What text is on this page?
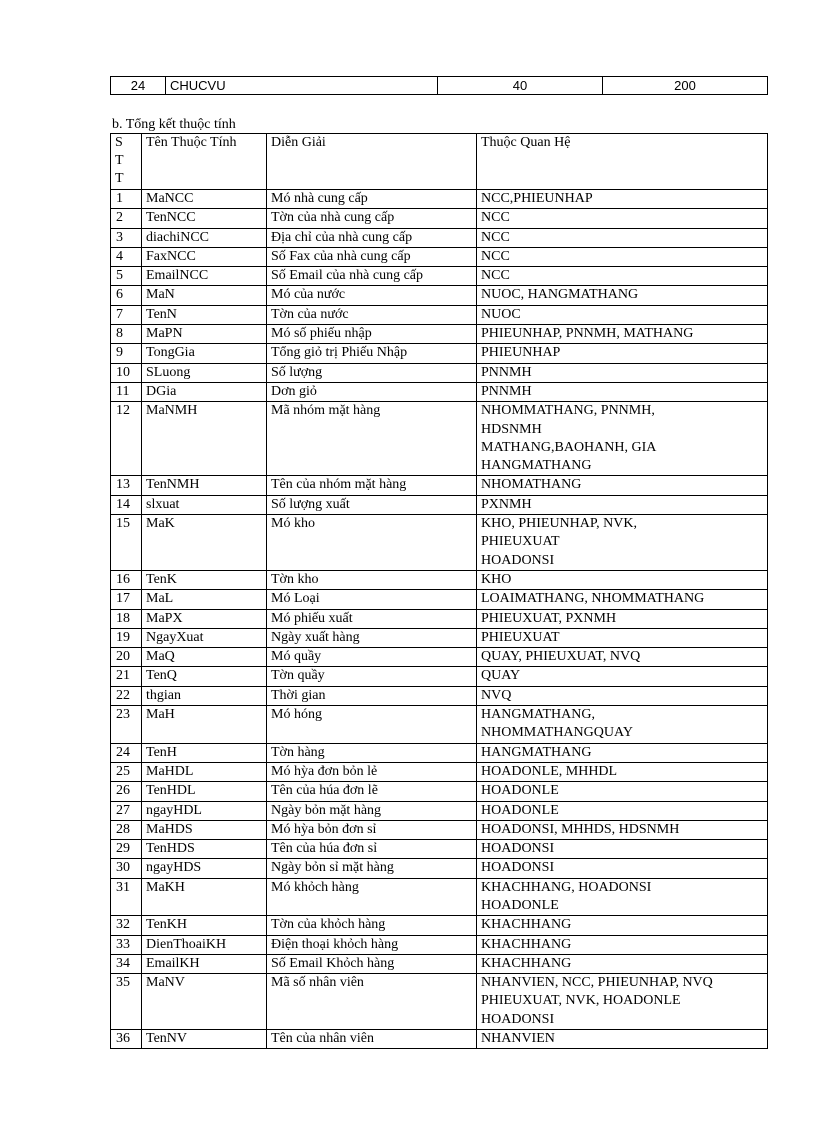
24	CHUCVU	40	200
b. Tổng kết thuộc tính
S
T
T	Tên Thuộc Tính	Diễn Giải	Thuộc Quan Hệ
1	MaNCC	Mó nhà cung cấp	NCC,PHIEUNHAP

2	TenNCC	Tờn của nhà cung cấp	NCC

3	diachiNCC	Địa chỉ của nhà cung cấp	NCC

4	FaxNCC	Số Fax của nhà cung cấp	NCC

5	EmailNCC	Số Email của nhà cung cấp	NCC

6	MaN	Mó của nước	NUOC, HANGMATHANG

7	TenN	Tờn của nước	NUOC

8	MaPN	Mó số phiếu nhập	PHIEUNHAP, PNNMH, MATHANG

9	TongGia	Tổng giỏ trị Phiếu Nhập	PHIEUNHAP

10	SLuong	Số lượng	PNNMH

11	DGia	Dơn giỏ	PNNMH

12	MaNMH	Mã nhóm mặt hàng	NHOMMATHANG, PNNMH,
HDSNMH
MATHANG,BAOHANH, GIA
HANGMATHANG

13	TenNMH	Tên của nhóm mặt hàng	NHOMATHANG

14	slxuat	Số lượng xuất	PXNMH

15	MaK	Mó kho	KHO, PHIEUNHAP, NVK,
PHIEUXUAT
HOADONSI

16	TenK	Tờn kho	KHO

17	MaL	Mó Loại	LOAIMATHANG, NHOMMATHANG

18	MaPX	Mó phiếu xuất	PHIEUXUAT, PXNMH

19	NgayXuat	Ngày xuất hàng	PHIEUXUAT

20	MaQ	Mó quầy	QUAY, PHIEUXUAT, NVQ

21	TenQ	Tờn quầy	QUAY

22	thgian	Thời gian	NVQ

23	MaH	Mó hóng	HANGMATHANG,
NHOMMATHANGQUAY

24	TenH	Tờn hàng	HANGMATHANG

25	MaHDL	Mó hỳa đơn bỏn lẻ	HOADONLE, MHHDL

26	TenHDL	Tên của húa đơn lẽ	HOADONLE

27	ngayHDL	Ngày bỏn mặt hàng	HOADONLE

28	MaHDS	Mó hỳa bỏn đơn sỉ	HOADONSI, MHHDS, HDSNMH

29	TenHDS	Tên của húa đơn sỉ	HOADONSI

30	ngayHDS	Ngày bỏn sỉ mặt hàng	HOADONSI

31	MaKH	Mó khỏch hàng	KHACHHANG, HOADONSI
HOADONLE

32	TenKH	Tờn của khỏch hàng	KHACHHANG

33	DienThoaiKH	Điện thoại khỏch hàng	KHACHHANG

34	EmailKH	Số Email Khỏch hàng	KHACHHANG

35	MaNV	Mã số nhân viên	NHANVIEN, NCC, PHIEUNHAP, NVQ
PHIEUXUAT, NVK, HOADONLE
HOADONSI

36	TenNV	Tên của nhân viên	NHANVIEN
